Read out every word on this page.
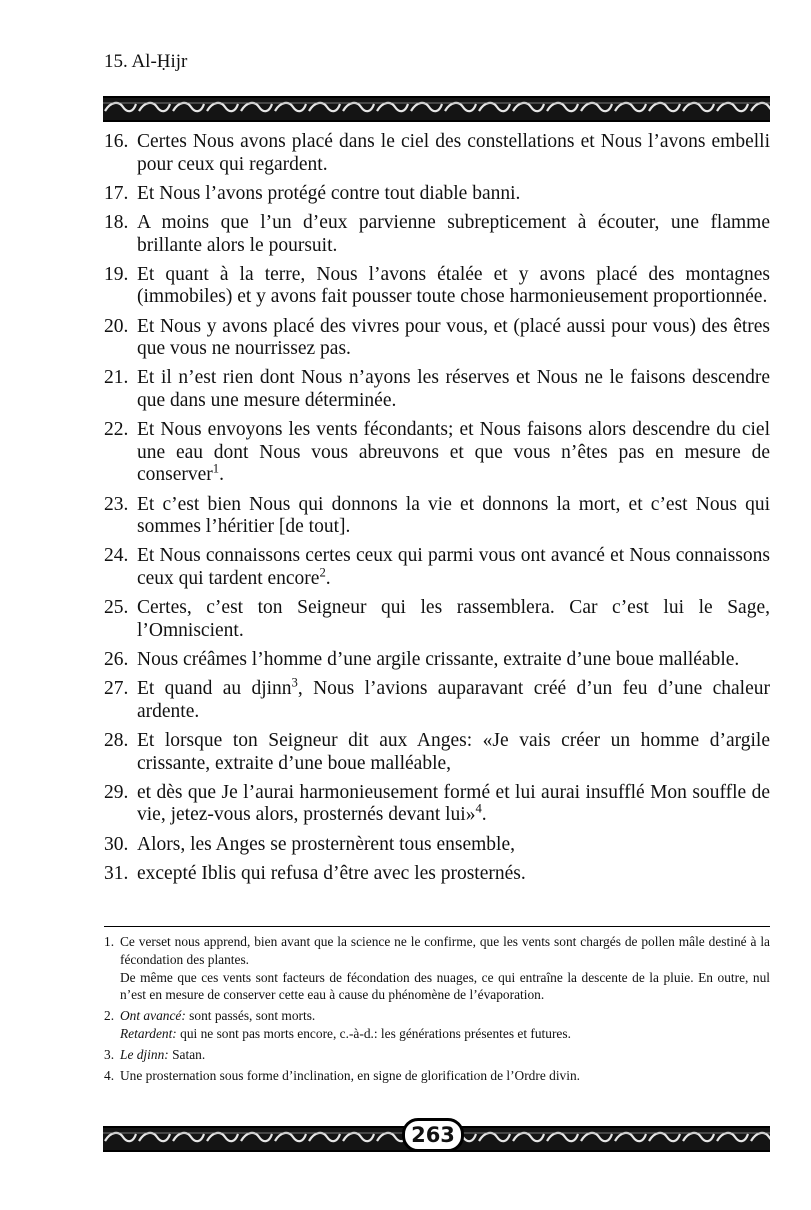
15. Al-Ḥijr
16. Certes Nous avons placé dans le ciel des constellations et Nous l’avons embelli pour ceux qui regardent.
17. Et Nous l’avons protégé contre tout diable banni.
18. A moins que l’un d’eux parvienne subrepticement à écouter, une flamme brillante alors le poursuit.
19. Et quant à la terre, Nous l’avons étalée et y avons placé des montagnes (immobiles) et y avons fait pousser toute chose harmonieusement proportionnée.
20. Et Nous y avons placé des vivres pour vous, et (placé aussi pour vous) des êtres que vous ne nourrissez pas.
21. Et il n’est rien dont Nous n’ayons les réserves et Nous ne le faisons descendre que dans une mesure déterminée.
22. Et Nous envoyons les vents fécondants; et Nous faisons alors descendre du ciel une eau dont Nous vous abreuvons et que vous n’êtes pas en mesure de conserver$^1$.
23. Et c’est bien Nous qui donnons la vie et donnons la mort, et c’est Nous qui sommes l’héritier [de tout].
24. Et Nous connaissons certes ceux qui parmi vous ont avancé et Nous connaissons ceux qui tardent encore$^2$.
25. Certes, c’est ton Seigneur qui les rassemblera. Car c’est lui le Sage, l’Omniscient.
26. Nous créâmes l’homme d’une argile crissante, extraite d’une boue malléable.
27. Et quand au djinn$^3$, Nous l’avions auparavant créé d’un feu d’une chaleur ardente.
28. Et lorsque ton Seigneur dit aux Anges: «Je vais créer un homme d’argile crissante, extraite d’une boue malléable,
29. et dès que Je l’aurai harmonieusement formé et lui aurai insufflé Mon souffle de vie, jetez-vous alors, prosternés devant lui»$^4$.
30. Alors, les Anges se prosternèrent tous ensemble,
31. excepté Iblis qui refusa d’être avec les prosternés.
1. Ce verset nous apprend, bien avant que la science ne le confirme, que les vents sont chargés de pollen mâle destiné à la fécondation des plantes.
De même que ces vents sont facteurs de fécondation des nuages, ce qui entraîne la descente de la pluie. En outre, nul n’est en mesure de conserver cette eau à cause du phénomène de l’évaporation.
2. Ont avancé: sont passés, sont morts.
Retardent: qui ne sont pas morts encore, c.-à-d.: les générations présentes et futures.
3. Le djinn: Satan.
4. Une prosternation sous forme d’inclination, en signe de glorification de l’Ordre divin.
263
